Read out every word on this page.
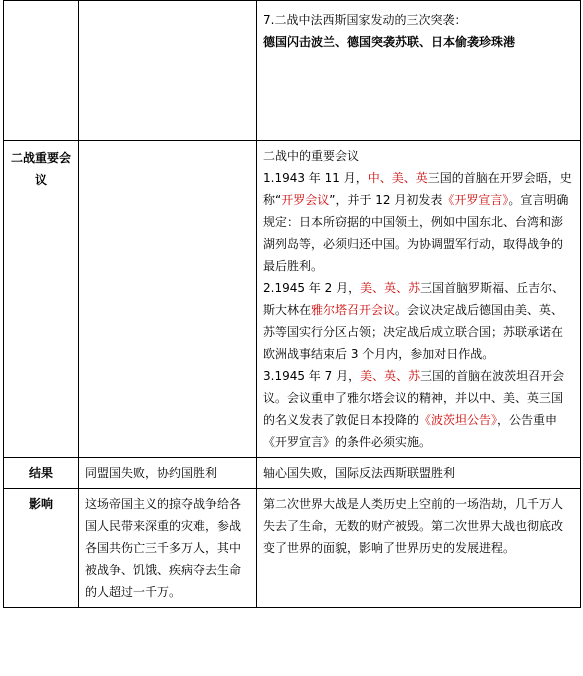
		7.二战中法西斯国家发动的三次突袭：
德国闪击波兰、德国突袭苏联、日本偷袭珍珠港

二战重要会议		二战中的重要会议
1.1943 年 11 月，中、美、英三国的首脑在开罗会晤，史称“开罗会议”，并于 12 月初发表《开罗宣言》。宣言明确规定：日本所窃据的中国领土，例如中国东北、台湾和澎湖列岛等，必须归还中国。为协调盟军行动，取得战争的最后胜利。
2.1945 年 2 月，美、英、苏三国首脑罗斯福、丘吉尔、斯大林在雅尔塔召开会议。会议决定战后德国由美、英、苏等国实行分区占领；决定战后成立联合国；苏联承诺在欧洲战事结束后 3 个月内，参加对日作战。
3.1945 年 7 月，美、英、苏三国的首脑在波茨坦召开会议。会议重申了雅尔塔会议的精神，并以中、美、英三国的名义发表了敦促日本投降的《波茨坦公告》，公告重申《开罗宣言》的条件必须实施。

结果	同盟国失败，协约国胜利	轴心国失败，国际反法西斯联盟胜利
影响	这场帝国主义的掠夺战争给各国人民带来深重的灾难，参战各国共伤亡三千多万人，其中被战争、饥饿、疾病夺去生命的人超过一千万。	第二次世界大战是人类历史上空前的一场浩劫，几千万人失去了生命，无数的财产被毁。第二次世界大战也彻底改变了世界的面貌，影响了世界历史的发展进程。
